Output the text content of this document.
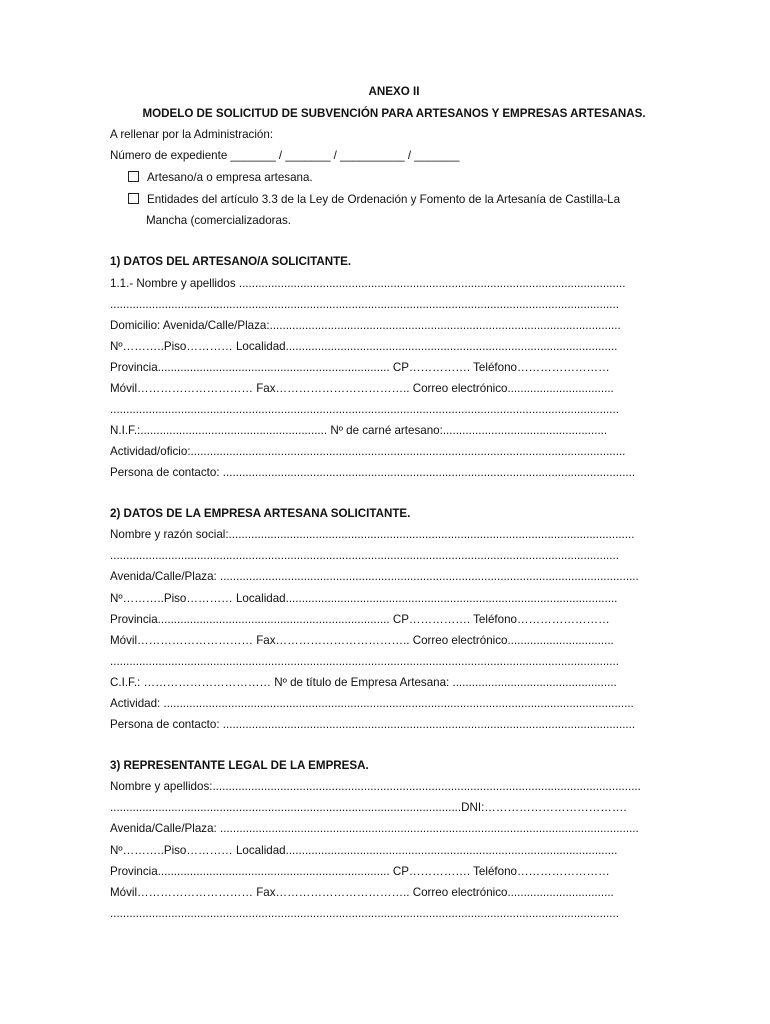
ANEXO II
MODELO DE SOLICITUD DE SUBVENCIÓN PARA ARTESANOS Y EMPRESAS ARTESANAS.
A rellenar por la Administración:
Número de expediente _______ / _______ / __________ / _______
Artesano/a o empresa artesana.
Entidades del artículo 3.3 de la Ley de Ordenación y Fomento de la Artesanía de Castilla-La
Mancha (comercializadoras.
1) DATOS DEL ARTESANO/A SOLICITANTE.
1.1.- Nombre y apellidos ........................................................................................................................
..............................................................................................................................................................
Domicilio: Avenida/Calle/Plaza:.............................................................................................................
Nº………..Piso………… Localidad.......................................................................................................
Provincia........................................................................ CP……………. Teléfono……………………
Móvil………………………… Fax…………………………….. Correo electrónico.................................
..............................................................................................................................................................
N.I.F.:.......................................................... Nº de carné artesano:...................................................
Actividad/oficio:.......................................................................................................................................
Persona de contacto: ................................................................................................................................
2) DATOS DE LA EMPRESA ARTESANA SOLICITANTE.
Nombre y razón social:..............................................................................................................................
..............................................................................................................................................................
Avenida/Calle/Plaza: ..................................................................................................................................
Nº………..Piso………… Localidad.......................................................................................................
Provincia........................................................................ CP……………. Teléfono……………………
Móvil………………………… Fax…………………………….. Correo electrónico.................................
..............................................................................................................................................................
C.I.F.: …………………………… Nº de título de Empresa Artesana: ...................................................
Actividad: ..................................................................................................................................................
Persona de contacto: ................................................................................................................................
3) REPRESENTANTE LEGAL DE LA EMPRESA.
Nombre y apellidos:.....................................................................................................................................
.............................................................................................................DNI:……………………………….
Avenida/Calle/Plaza: ..................................................................................................................................
Nº………..Piso………… Localidad.......................................................................................................
Provincia........................................................................ CP……………. Teléfono……………………
Móvil………………………… Fax…………………………….. Correo electrónico.................................
..............................................................................................................................................................
